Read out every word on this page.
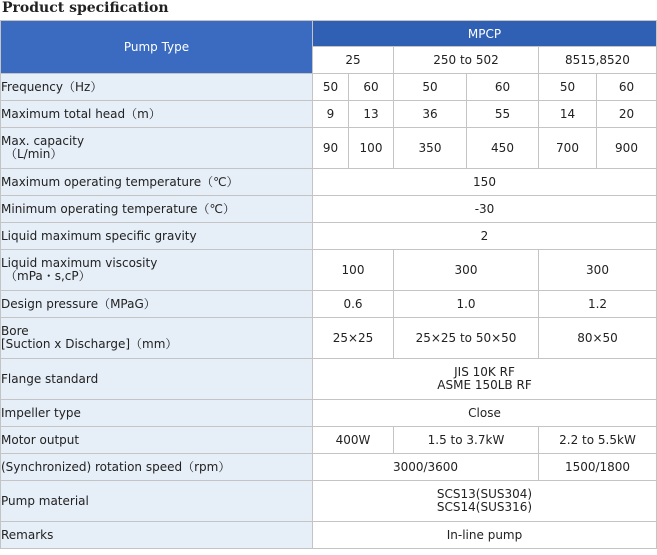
Product specification
Pump Type	MPCP					
	25		250 to 502		8515,8520	
Frequency（Hz）	50	60	50	60	50	60
Maximum total head（m）	9	13	36	55	14	20
Max. capacity
（L/min）	90	100	350	450	700	900
Maximum operating temperature（℃）	150					
Minimum operating temperature（℃）	-30					
Liquid maximum specific gravity	2					
Liquid maximum viscosity
（mPa・s,cP）	100		300		300	
Design pressure（MPaG）	0.6		1.0		1.2	
Bore
[Suction x Discharge]（mm）	25×25		25×25 to 50×50		80×50	
Flange standard	JIS 10K RF
ASME 150LB RF					
Impeller type	Close					
Motor output	400W		1.5 to 3.7kW		2.2 to 5.5kW	
(Synchronized) rotation speed（rpm）	3000/3600				1500/1800	
Pump material	SCS13(SUS304)
SCS14(SUS316)					
Remarks	In-line pump					
